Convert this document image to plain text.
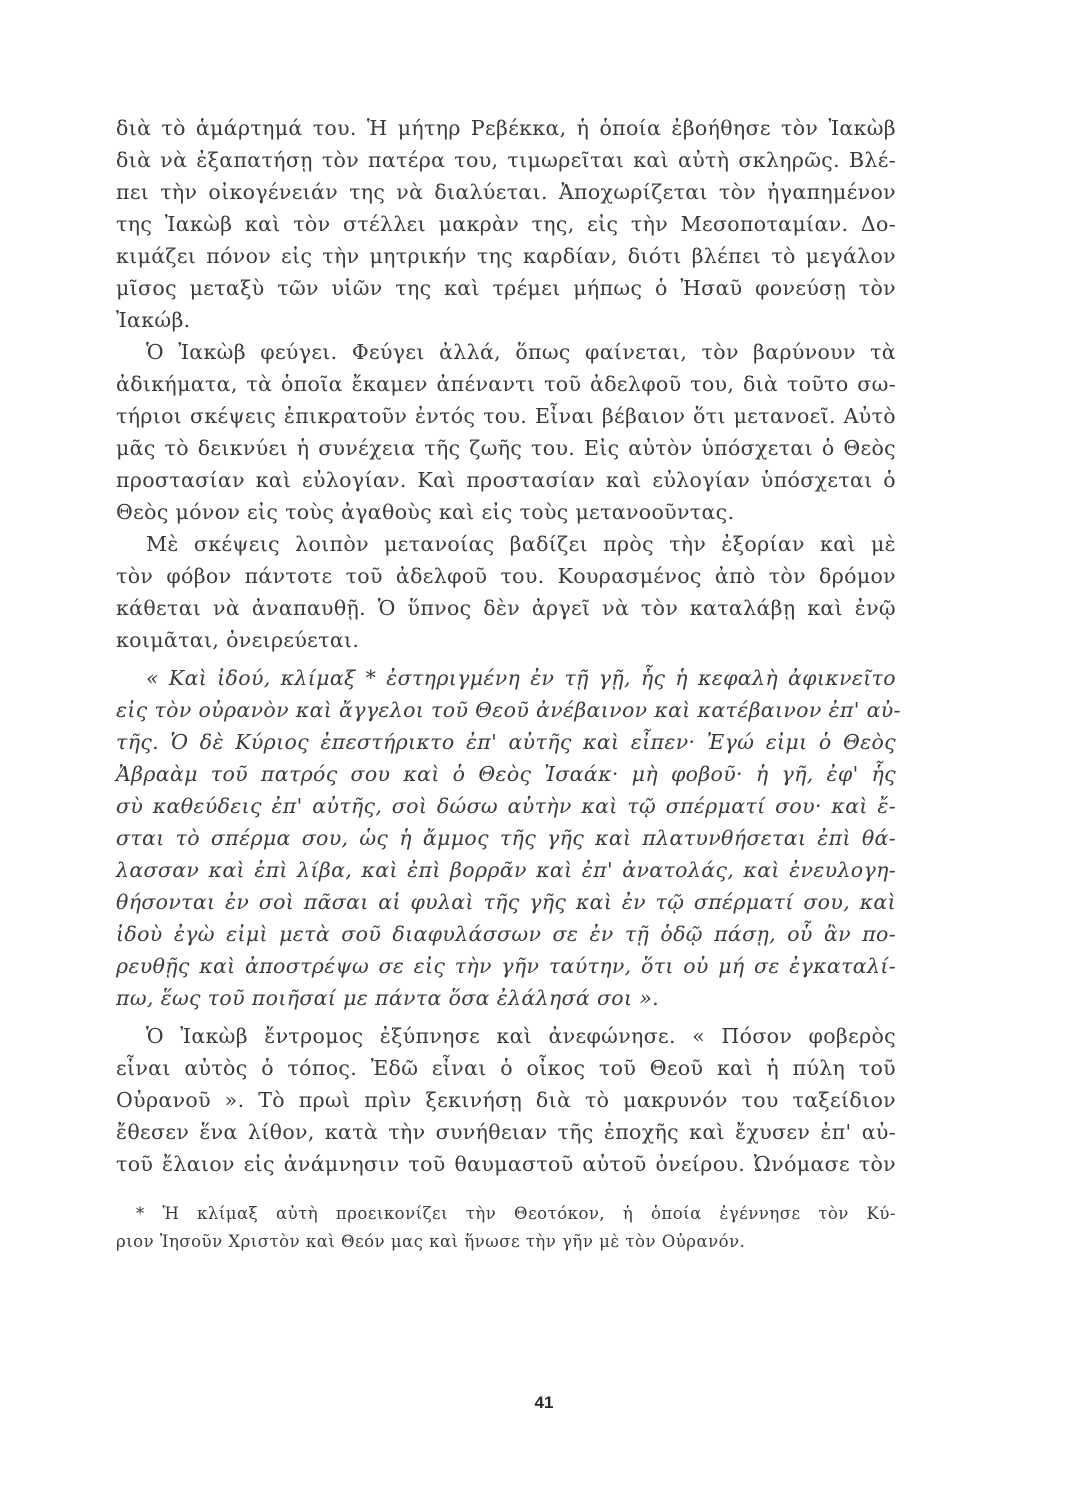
διὰ τὸ ἁμάρτημά του. Ἡ μήτηρ Ρεβέκκα, ἡ ὁποία ἐβοήθησε τὸν Ἰακὼβ

διὰ νὰ ἐξαπατήσῃ τὸν πατέρα του, τιμωρεῖται καὶ αὐτὴ σκληρῶς. Βλέ-

πει τὴν οἰκογένειάν της νὰ διαλύεται. Ἀποχωρίζεται τὸν ἠγαπημένον

της Ἰακὼβ καὶ τὸν στέλλει μακρὰν της, εἰς τὴν Μεσοποταμίαν. Δο-

κιμάζει πόνον εἰς τὴν μητρικήν της καρδίαν, διότι βλέπει τὸ μεγάλον

μῖσος μεταξὺ τῶν υἱῶν της καὶ τρέμει μήπως ὁ Ἠσαῦ φονεύσῃ τὸν

Ἰακώβ.

Ὁ Ἰακὼβ φεύγει. Φεύγει ἀλλά, ὅπως φαίνεται, τὸν βαρύνουν τὰ

ἀδικήματα, τὰ ὁποῖα ἔκαμεν ἀπέναντι τοῦ ἀδελφοῦ του, διὰ τοῦτο σω-

τήριοι σκέψεις ἐπικρατοῦν ἐντός του. Εἶναι βέβαιον ὅτι μετανοεῖ. Αὐτὸ

μᾶς τὸ δεικνύει ἡ συνέχεια τῆς ζωῆς του. Εἰς αὐτὸν ὑπόσχεται ὁ Θεὸς

προστασίαν καὶ εὐλογίαν. Καὶ προστασίαν καὶ εὐλογίαν ὑπόσχεται ὁ

Θεὸς μόνον εἰς τοὺς ἀγαθοὺς καὶ εἰς τοὺς μετανοοῦντας.

Μὲ σκέψεις λοιπὸν μετανοίας βαδίζει πρὸς τὴν ἐξορίαν καὶ μὲ

τὸν φόβον πάντοτε τοῦ ἀδελφοῦ του. Κουρασμένος ἀπὸ τὸν δρόμον

κάθεται νὰ ἀναπαυθῇ. Ὁ ὕπνος δὲν ἀργεῖ νὰ τὸν καταλάβῃ καὶ ἐνῷ

κοιμᾶται, ὀνειρεύεται.

« Καὶ ἰδού, κλίμαξ * ἐστηριγμένη ἐν τῇ γῇ, ἧς ἡ κεφαλὴ ἀφικνεῖτο

εἰς τὸν οὐρανὸν καὶ ἄγγελοι τοῦ Θεοῦ ἀνέβαινον καὶ κατέβαινον ἐπ' αὐ-

τῆς. Ὁ δὲ Κύριος ἐπεστήρικτο ἐπ' αὐτῆς καὶ εἶπεν· Ἐγώ εἰμι ὁ Θεὸς

Ἀβραὰμ τοῦ πατρός σου καὶ ὁ Θεὸς Ἰσαάκ· μὴ φοβοῦ· ἡ γῆ, ἐφ' ἧς

σὺ καθεύδεις ἐπ' αὐτῆς, σοὶ δώσω αὐτὴν καὶ τῷ σπέρματί σου· καὶ ἔ-

σται τὸ σπέρμα σου, ὡς ἡ ἄμμος τῆς γῆς καὶ πλατυνθήσεται ἐπὶ θά-

λασσαν καὶ ἐπὶ λίβα, καὶ ἐπὶ βορρᾶν καὶ ἐπ' ἀνατολάς, καὶ ἐνευλογη-

θήσονται ἐν σοὶ πᾶσαι αἱ φυλαὶ τῆς γῆς καὶ ἐν τῷ σπέρματί σου, καὶ

ἰδοὺ ἐγὼ εἰμὶ μετὰ σοῦ διαφυλάσσων σε ἐν τῇ ὁδῷ πάσῃ, οὗ ἂν πο-

ρευθῇς καὶ ἀποστρέψω σε εἰς τὴν γῆν ταύτην, ὅτι οὐ μή σε ἐγκαταλί-

πω, ἕως τοῦ ποιῆσαί με πάντα ὅσα ἐλάλησά σοι ».

Ὁ Ἰακὼβ ἔντρομος ἐξύπνησε καὶ ἀνεφώνησε. « Πόσον φοβερὸς

εἶναι αὐτὸς ὁ τόπος. Ἐδῶ εἶναι ὁ οἶκος τοῦ Θεοῦ καὶ ἡ πύλη τοῦ

Οὐρανοῦ ». Τὸ πρωὶ πρὶν ξεκινήσῃ διὰ τὸ μακρυνόν του ταξείδιον

ἔθεσεν ἕνα λίθον, κατὰ τὴν συνήθειαν τῆς ἐποχῆς καὶ ἔχυσεν ἐπ' αὐ-

τοῦ ἔλαιον εἰς ἀνάμνησιν τοῦ θαυμαστοῦ αὐτοῦ ὀνείρου. Ὠνόμασε τὸν

* Ἡ κλίμαξ αὐτὴ προεικονίζει τὴν Θεοτόκον, ἡ ὁποία ἐγέννησε τὸν Κύ-

ριον Ἰησοῦν Χριστὸν καὶ Θεόν μας καὶ ἥνωσε τὴν γῆν μὲ τὸν Οὐρανόν.

41
